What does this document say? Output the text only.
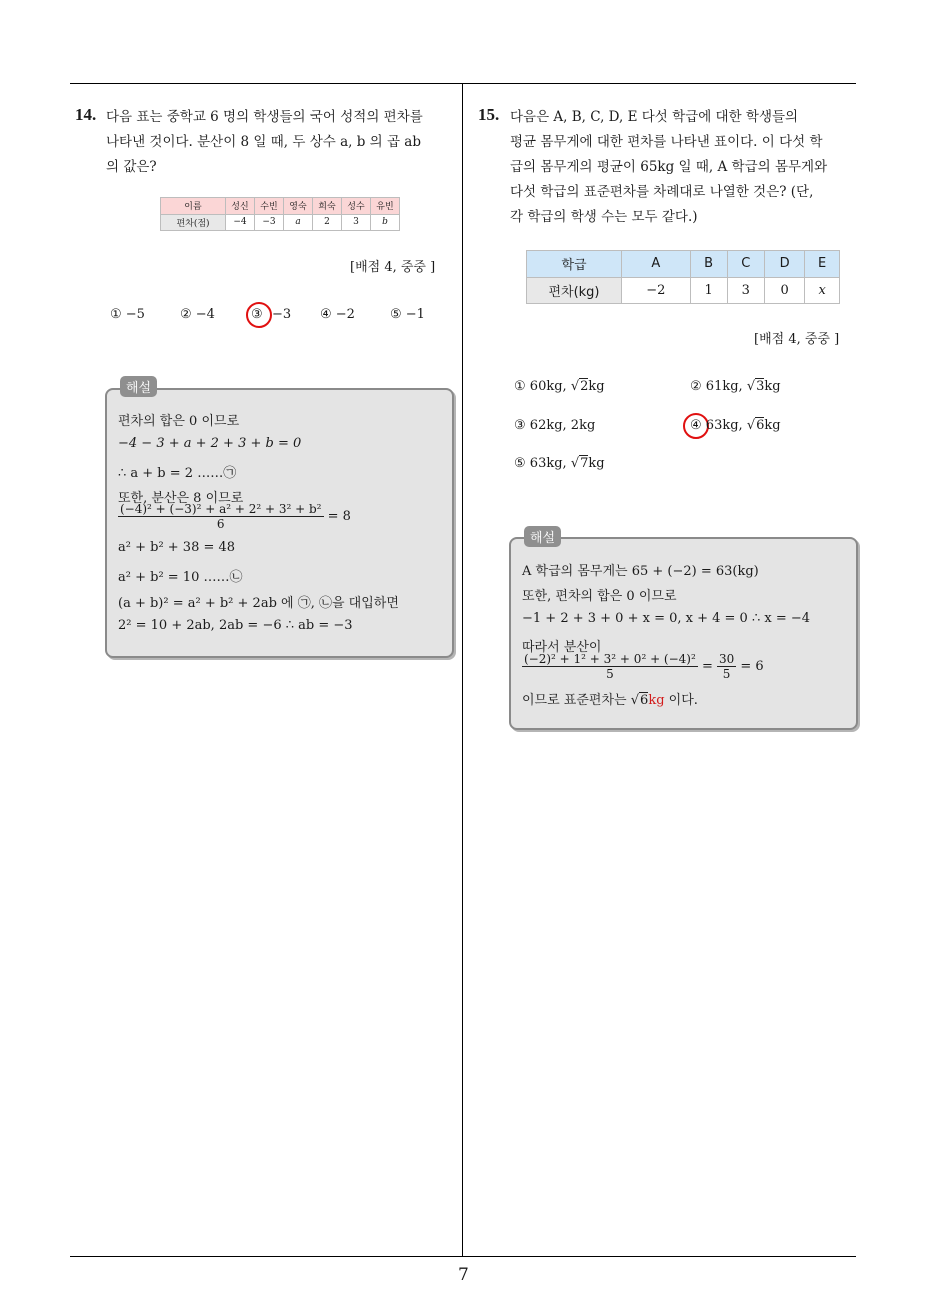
7
14. 다음 표는 중학교 6 명의 학생들의 국어 성적의 편차를
나타낸 것이다. 분산이 8 일 때, 두 상수 a, b 의 곱 ab
의 값은?
이름	성신	수빈	영숙	희숙	성수	유빈
편차(점)	−4	−3	a	2	3	b
[배점 4, 중중 ]
① −5	② −4	③ −3 ④ −2	⑤ −1
해설
편차의 합은 0 이므로
−4 − 3 + a + 2 + 3 + b = 0
∴ a + b = 2 ……㉠
또한, 분산은 8 이므로
$\frac{\text{(−4)² + (−3)² + a² + 2² + 3² + b²}}{6} = 8$
a² + b² + 38 = 48
a² + b² = 10 ……㉡
(a + b)² = a² + b² + 2ab 에 ㉠, ㉡을 대입하면
2² = 10 + 2ab, 2ab = −6 ∴ ab = −3
15. 다음은 A, B, C, D, E 다섯 학급에 대한 학생들의
평균 몸무게에 대한 편차를 나타낸 표이다. 이 다섯 학
급의 몸무게의 평균이 65kg 일 때, A 학급의 몸무게와
다섯 학급의 표준편차를 차례대로 나열한 것은? (단,
각 학급의 학생 수는 모두 같다.)
학급	A	B	C	D	E
편차(kg)	−2	1	3	0	x
[배점 4, 중중 ]
① 60kg, √2kg	② 61kg, √3kg
③ 62kg, 2kg	④ 63kg, √6kg
⑤ 63kg, √7kg
해설
A 학급의 몸무게는 65 + (−2) = 63(kg)
또한, 편차의 합은 0 이므로
−1 + 2 + 3 + 0 + x = 0, x + 4 = 0 ∴ x = −4
따라서 분산이
$\frac{\text{(−2)² + 1² + 3² + 0² + (−4)²}}{5} = \frac{30}{5} = 6$
이므로 표준편차는 √6kg 이다.
